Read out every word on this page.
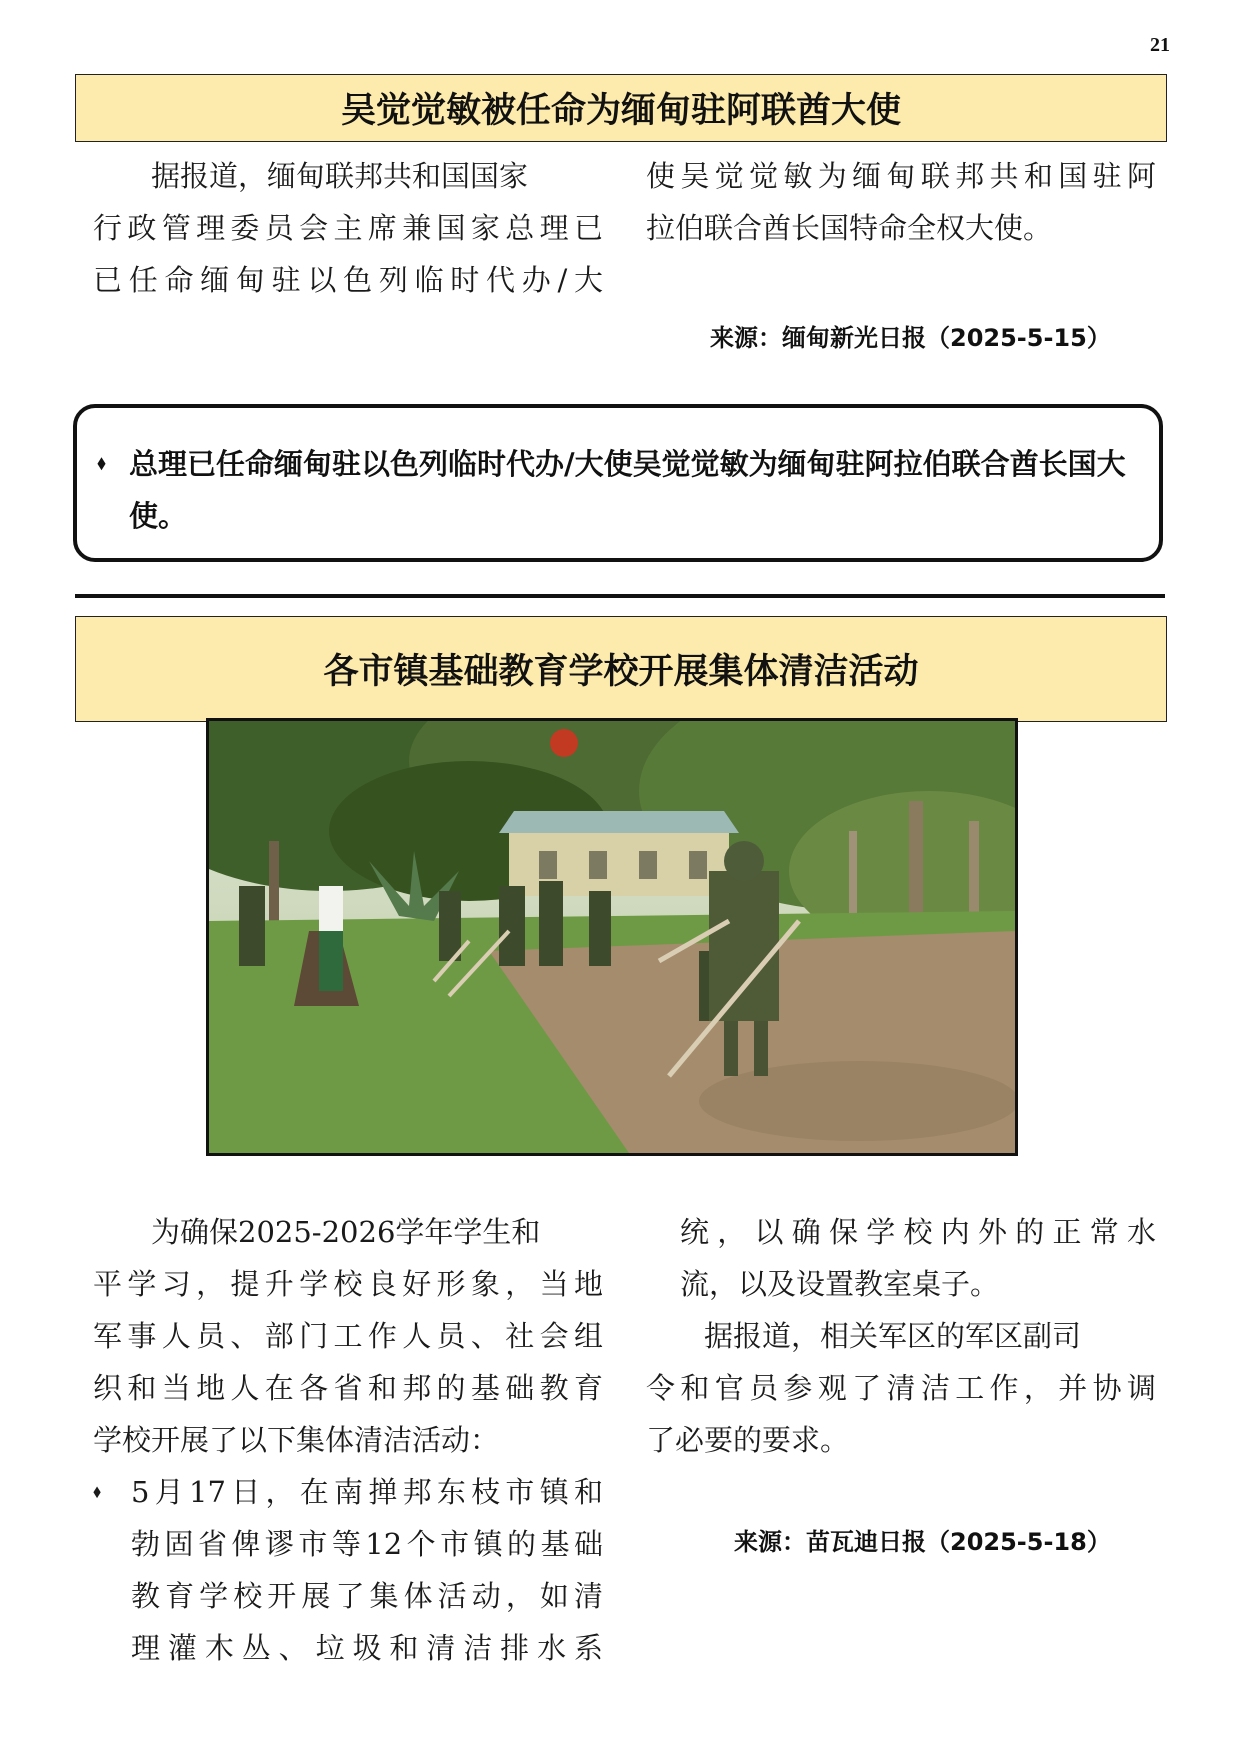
21
吴觉觉敏被任命为缅甸驻阿联酋大使

据报道，缅甸联邦共和国国家

行政管理委员会主席兼国家总理已

已任命缅甸驻以色列临时代办/大

使吴觉觉敏为缅甸联邦共和国驻阿

拉伯联合酋长国特命全权大使。

来源：缅甸新光日报（2025-5-15）
⬧ 总理已任命缅甸驻以色列临时代办/大使吴觉觉敏为缅甸驻阿拉伯联合酋长国大使。
各市镇基础教育学校开展集体清洁活动

为确保2025-2026学年学生和

平学习，提升学校良好形象，当地

军事人员、部门工作人员、社会组

织和当地人在各省和邦的基础教育

学校开展了以下集体清洁活动：

⬧ 5月17日，在南掸邦东枝市镇和

勃固省俾谬市等12个市镇的基础

教育学校开展了集体活动，如清

理灌木丛、垃圾和清洁排水系

统，以确保学校内外的正常水

流，以及设置教室桌子。

据报道，相关军区的军区副司

令和官员参观了清洁工作，并协调

了必要的要求。

来源：苗瓦迪日报（2025-5-18）
